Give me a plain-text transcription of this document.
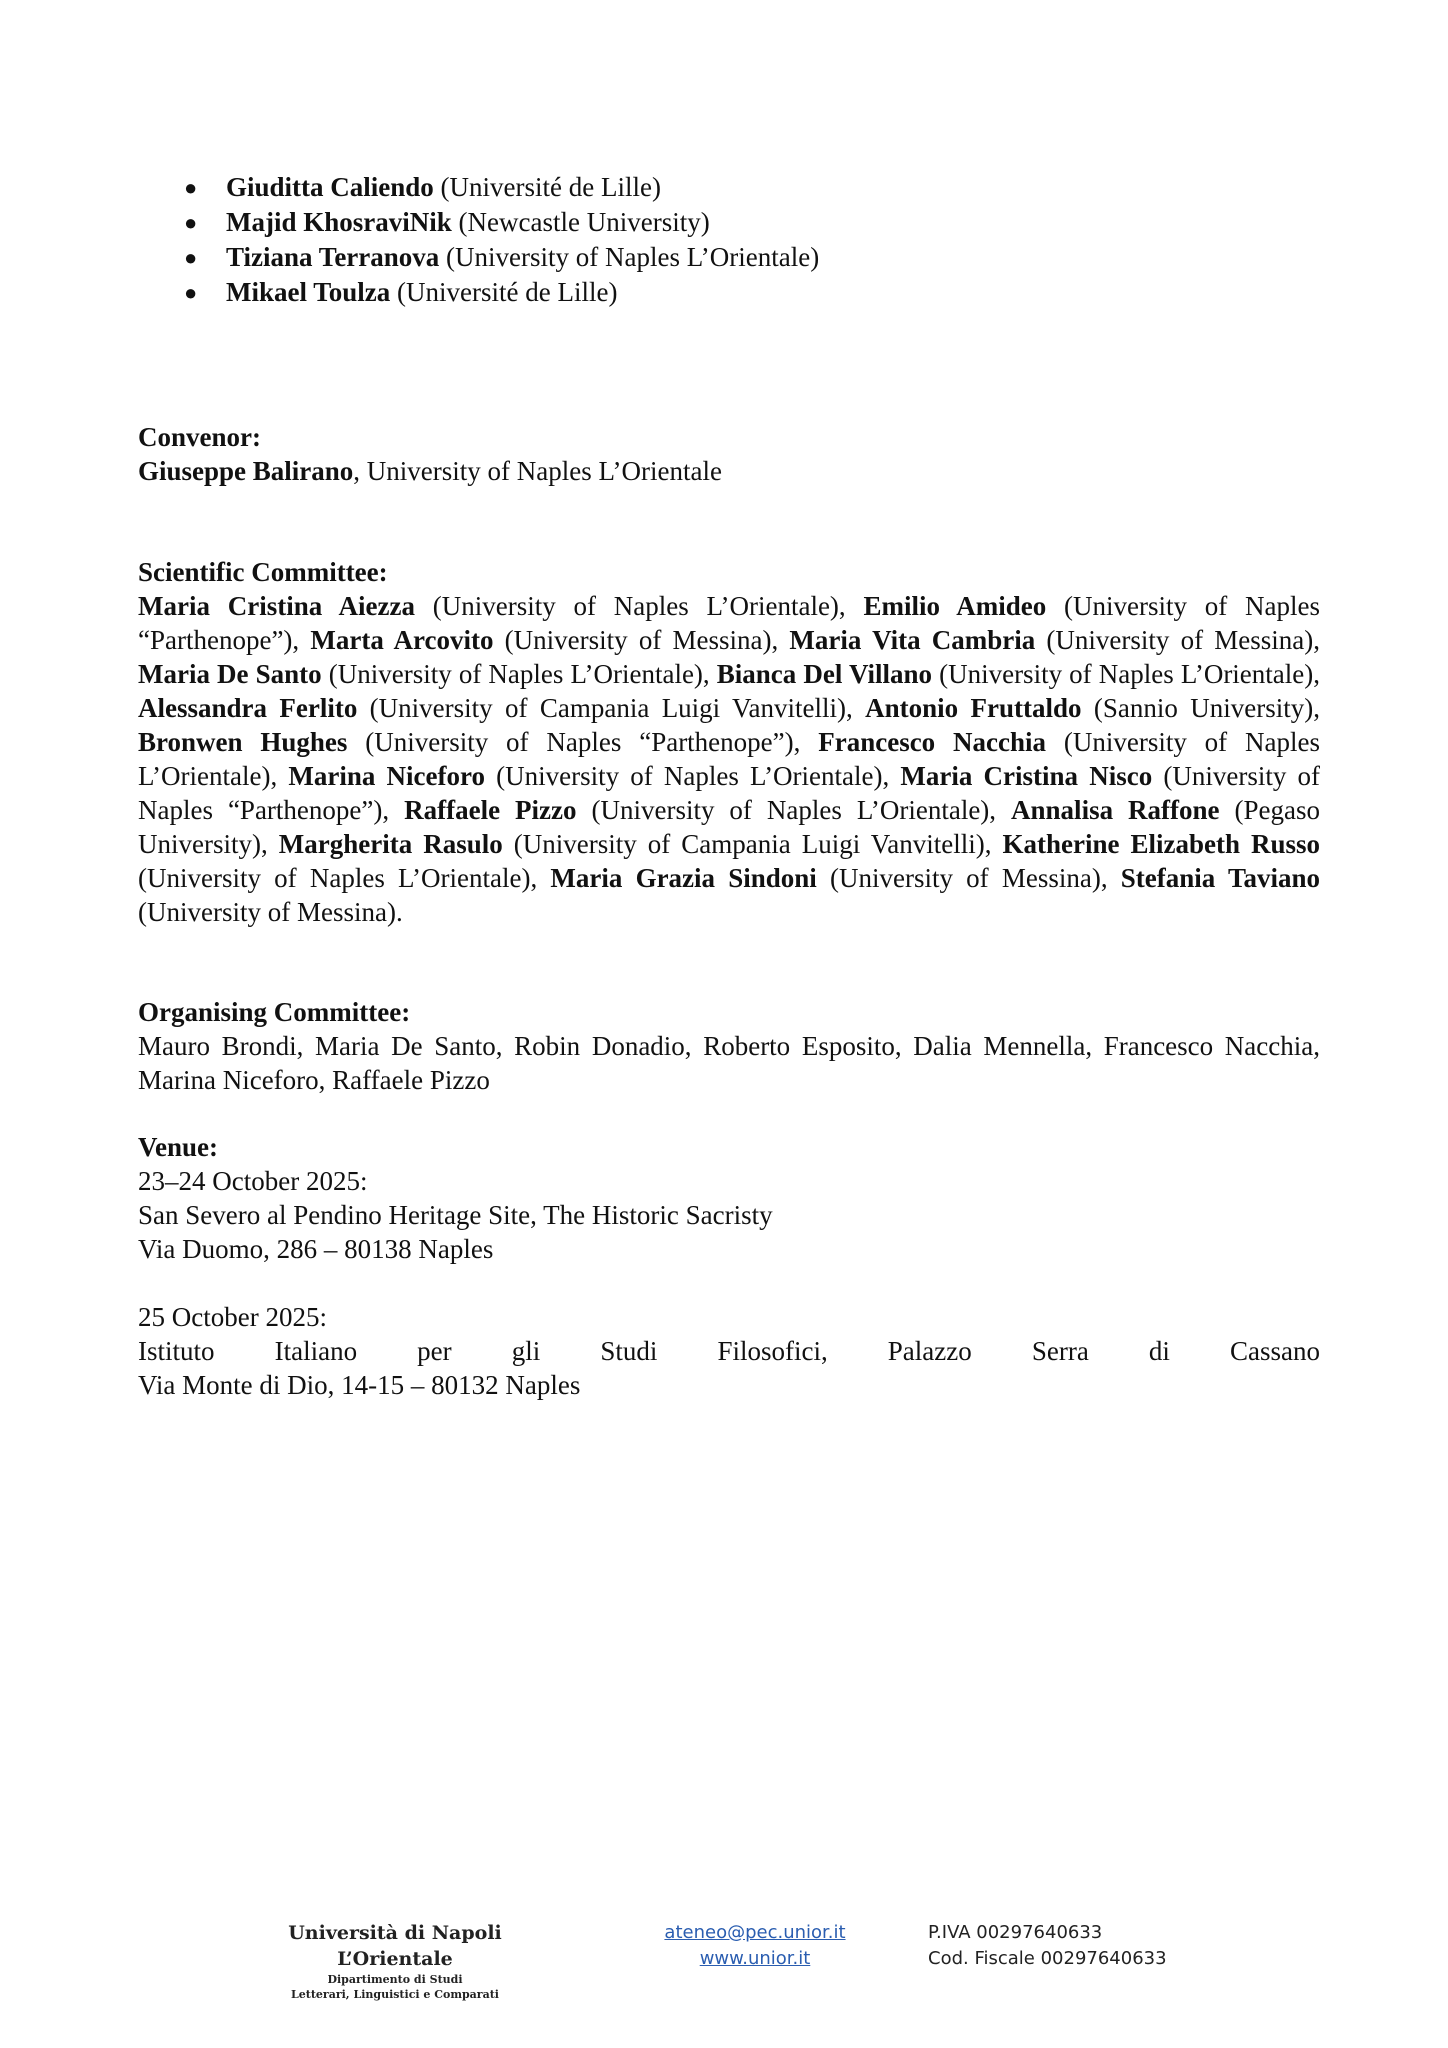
● Giuditta Caliendo (Université de Lille)
● Majid KhosraviNik (Newcastle University)
● Tiziana Terranova (University of Naples L’Orientale)
● Mikael Toulza (Université de Lille)
Convenor:
Giuseppe Balirano, University of Naples L’Orientale
Scientific Committee:
Maria Cristina Aiezza (University of Naples L’Orientale), Emilio Amideo (University of Naples “Parthenope”), Marta Arcovito (University of Messina), Maria Vita Cambria (University of Messina), Maria De Santo (University of Naples L’Orientale), Bianca Del Villano (University of Naples L’Orientale), Alessandra Ferlito (University of Campania Luigi Vanvitelli), Antonio Fruttaldo (Sannio University), Bronwen Hughes (University of Naples “Parthenope”), Francesco Nacchia (University of Naples L’Orientale), Marina Niceforo (University of Naples L’Orientale), Maria Cristina Nisco (University of Naples “Parthenope”), Raffaele Pizzo (University of Naples L’Orientale), Annalisa Raffone (Pegaso University), Margherita Rasulo (University of Campania Luigi Vanvitelli), Katherine Elizabeth Russo (University of Naples L’Orientale), Maria Grazia Sindoni (University of Messina), Stefania Taviano (University of Messina).
Organising Committee:
Mauro Brondi, Maria De Santo, Robin Donadio, Roberto Esposito, Dalia Mennella, Francesco Nacchia, Marina Niceforo, Raffaele Pizzo
Venue:
23–24 October 2025:
San Severo al Pendino Heritage Site, The Historic Sacristy
Via Duomo, 286 – 80138 Naples
25 October 2025:
Istituto Italiano per gli Studi Filosofici, Palazzo Serra di Cassano
Via Monte di Dio, 14-15 – 80132 Naples
Università di Napoli L’Orientale
Dipartimento di Studi
Letterari, Linguistici e Comparati
ateneo@pec.unior.it
www.unior.it
P.IVA 00297640633
Cod. Fiscale 00297640633
